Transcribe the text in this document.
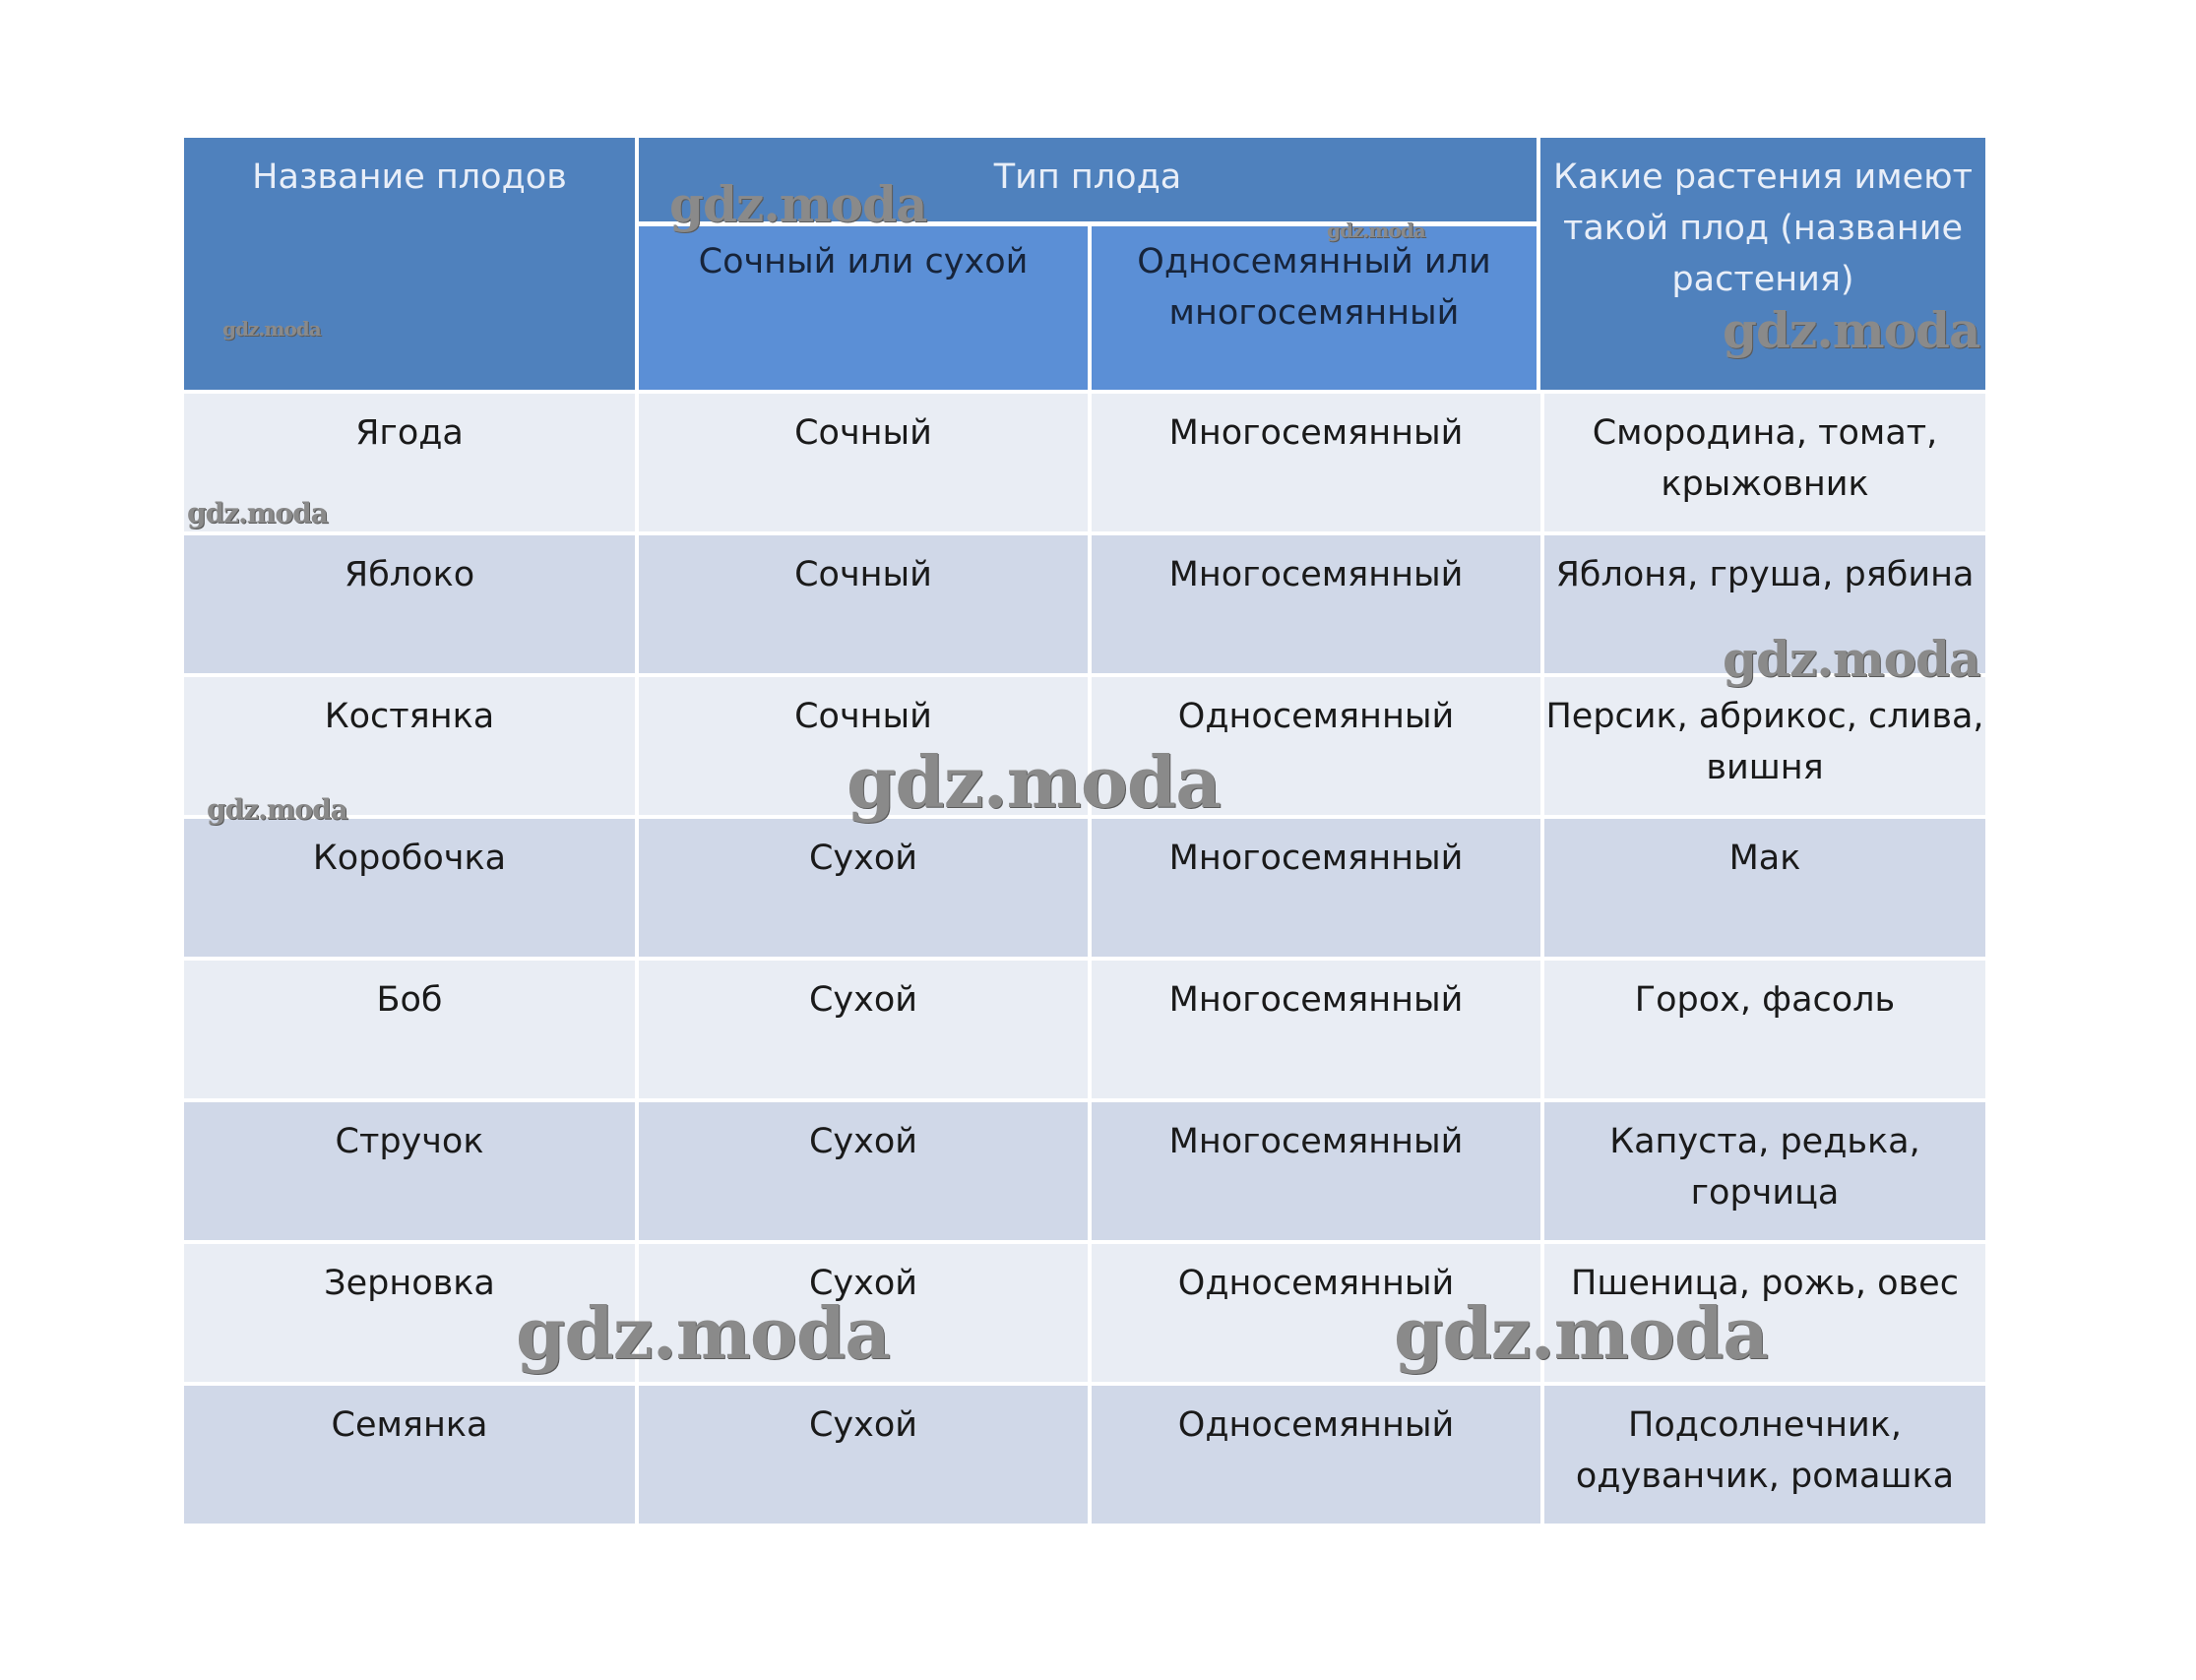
Название плодов	Тип плода	Какие растения имеют такой плод (название растения)
Сочный или сухой	Односемянный или многосемянный
Ягода	Сочный	Многосемянный	Смородина, томат, крыжовник
Яблоко	Сочный	Многосемянный	Яблоня, груша, рябина
Костянка	Сочный	Односемянный	Персик, абрикос, слива, вишня
Коробочка	Сухой	Многосемянный	Мак
Боб	Сухой	Многосемянный	Горох, фасоль
Стручок	Сухой	Многосемянный	Капуста, редька, горчица
Зерновка	Сухой	Односемянный	Пшеница, рожь, овес
Семянка	Сухой	Односемянный	Подсолнечник, одуванчик, ромашка
gdz.moda	gdz.moda
gdz.moda	gdz.moda
gdz.moda
gdz.moda
gdz.moda
gdz.moda
gdz.moda	gdz.moda
